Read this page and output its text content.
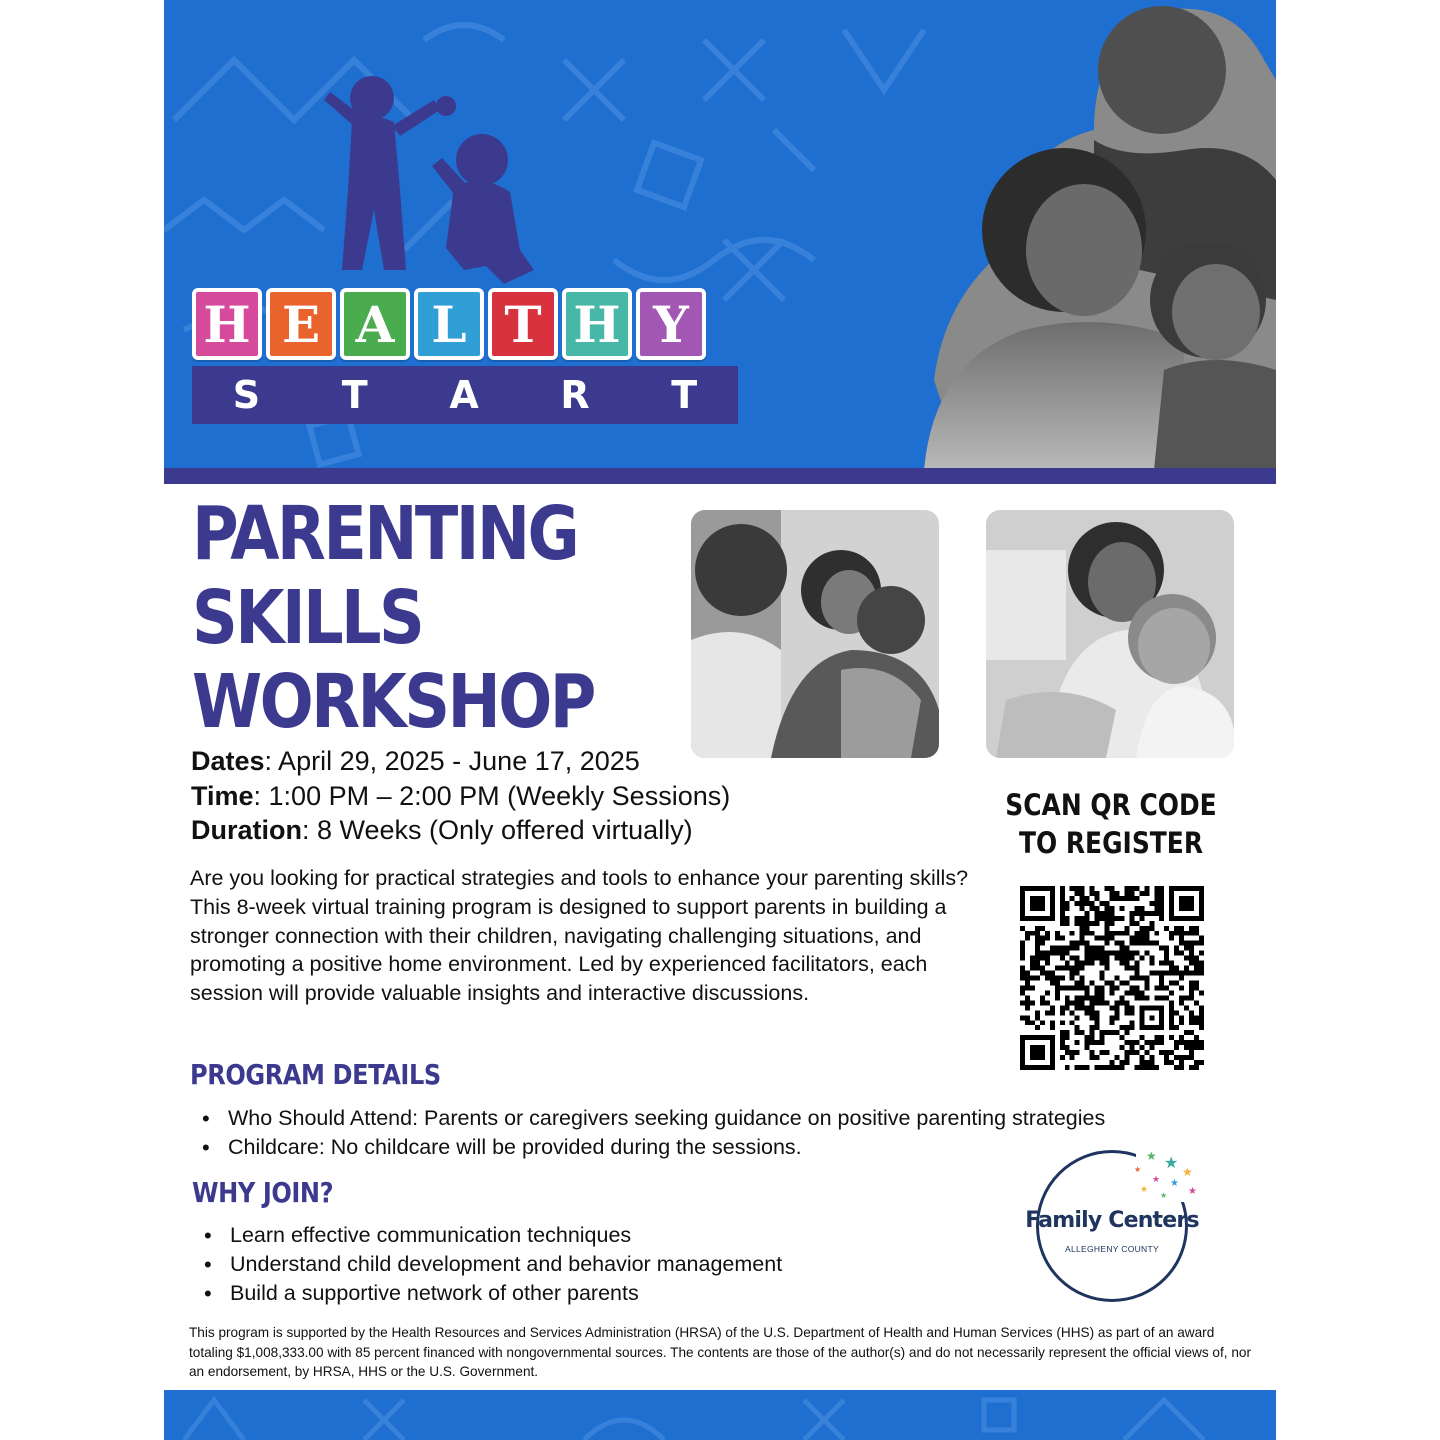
H E A L T H Y
S T A R T
PARENTING
SKILLS
WORKSHOP
Dates: April 29, 2025 - June 17, 2025
Time: 1:00 PM – 2:00 PM (Weekly Sessions)
Duration: 8 Weeks (Only offered virtually)

Are you looking for practical strategies and tools to enhance your parenting skills? This 8-week virtual training program is designed to support parents in building a stronger connection with their children, navigating challenging situations, and promoting a positive home environment. Led by experienced facilitators, each session will provide valuable insights and interactive discussions.

PROGRAM DETAILS
• Who Should Attend: Parents or caregivers seeking guidance on positive parenting strategies
• Childcare: No childcare will be provided during the sessions.
WHY JOIN?
• Learn effective communication techniques
• Understand child development and behavior management
• Build a supportive network of other parents
SCAN QR CODE
TO REGISTER
★ ★
★	★
★ ★
★	★
★
Family Centers
ALLEGHENY COUNTY

This program is supported by the Health Resources and Services Administration (HRSA) of the U.S. Department of Health and Human Services (HHS) as part of an award totaling $1,008,333.00 with 85 percent financed with nongovernmental sources. The contents are those of the author(s) and do not necessarily represent the official views of, nor an endorsement, by HRSA, HHS or the U.S. Government.
